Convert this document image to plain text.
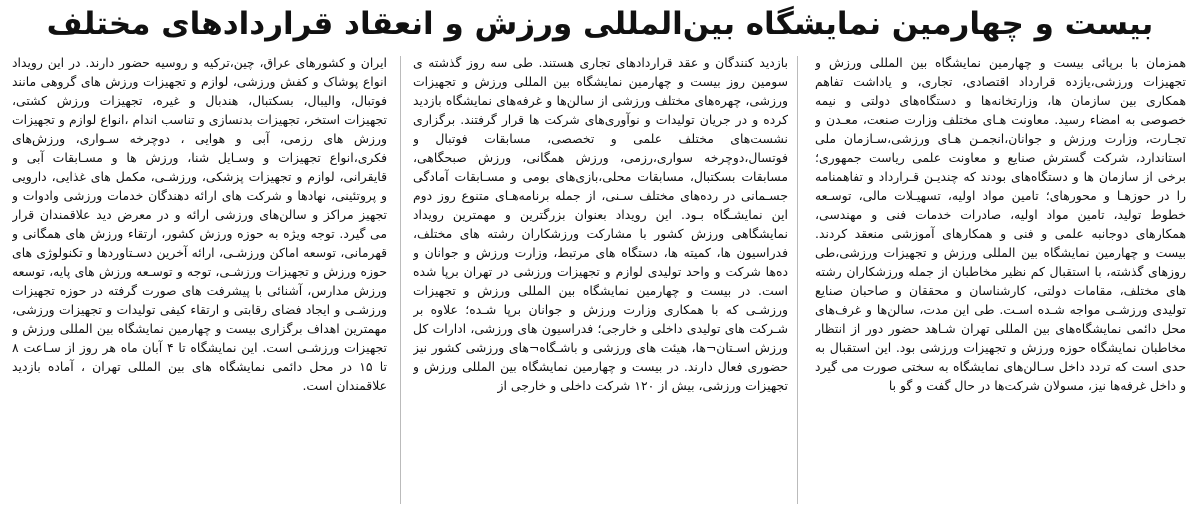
بیست و چهارمین نمایشگاه بین‌المللی ورزش و انعقاد قراردادهای مختلف
همزمان با برپائی بیست و چهارمین نمایشگاه بین المللی ورزش و تجهیزات ورزشی،یازده قرارداد اقتصادی، تجاری، و یاداشت تفاهم همکاری بین سازمان ها، وزارتخانه‌ها و دستگاه‌های دولتی و نیمه خصوصی به امضاء رسید. معاونت هـای مختلف وزارت صنعت، معـدن و تجـارت، وزارت ورزش و جوانان،انجمـن هـای ورزشی،سـازمان ملی استاندارد، شرکت گسترش صنایع و معاونت علمی ریاست جمهوری؛ برخی از سازمان ها و دستگاه‌های بودند که چندیـن قـرارداد و تفاهمنامه را در حوزهـا و محورهای؛ تامین مواد اولیه، تسهیـلات مالی، توسـعه خطوط تولید، تامین مواد اولیه، صادرات خدمات فنی و مهندسی، همکارهای دوجانبه علمی و فنی و همکارهای آموزشی منعقد کردند. بیست و چهارمین نمایشگاه بین المللی ورزش و تجهیزات ورزشی،طی روزهای گذشته، با استقبال کم نظیر مخاطبان از جمله ورزشکاران رشته های مختلف، مقامات دولتی، کارشناسان و محققان و صاحبان صنایع تولیدی ورزشـی مواجه شـده اسـت. طی این مدت، سالن‌ها و غرف‌های محل دائمی نمایشگاه‌های بین المللی تهران شـاهد حضور دور از انتظار مخاطبان نمایشگاه حوزه ورزش و تجهیزات ورزشی بود. این استقبال به حدی است که تردد داخل سـالن‌های نمایشگاه به سختی صورت می گیرد و داخل غرفه‌ها نیز، مسولان شرکت‌ها در حال گفت و گو با
بازدید کنندگان و عقد قراردادهای تجاری هستند. طی سه روز گذشته ی سومین روز بیست و چهارمین نمایشگاه بین المللی ورزش و تجهیزات ورزشی، چهره‌های مختلف ورزشی از سالن‌ها و غرفه‌های نمایشگاه بازدید کرده و در جریان تولیدات و نوآوری‌های شرکت ها قرار گرفتند. برگزاری نشست‌های مختلف علمی و تخصصی، مسابقات فوتبال و فوتسال،دوچرخه سواری،رزمی، ورزش همگانی، ورزش صبحگاهی، مسابقات بسکتبال، مسابقات محلی،بازی‌های بومی و مسـابقات آمادگی جسـمانی در رده‌های مختلف سـنی، از جمله برنامه‌هـای متنوع روز دوم این نمایشـگاه بـود. این رویداد بعنوان بزرگترین و مهمترین رویداد نمایشگاهی ورزش کشور با مشارکت ورزشکاران رشته های مختلف، فدراسیون ها، کمیته ها، دستگاه های مرتبط، وزارت ورزش و جوانان و ده‌ها شرکت و واحد تولیدی لوازم و تجهیزات ورزشی در تهران برپا شده است. در بیست و چهارمین نمایشگاه بین المللی ورزش و تجهیزات ورزشـی که با همکاری وزارت ورزش و جوانان برپا شـده؛ علاوه بر شـرکت های تولیدی داخلی و خارجی؛ فدراسیون های ورزشی، ادارات کل ورزش اسـتان¬ها، هیئت های ورزشی و باشـگاه¬های ورزشی کشور نیز حضوری فعال دارند. در بیست و چهارمین نمایشگاه بین المللی ورزش و تجهیزات ورزشی، بیش از ۱۲۰ شرکت داخلی و خارجی از
ایران و کشورهای عراق، چین،ترکیه و روسیه حضور دارند. در این رویداد انواع پوشاک و کفش ورزشی، لوازم و تجهیزات ورزش های گروهی مانند فوتبال، والیبال، بسکتبال، هندبال و غیره، تجهیزات ورزش کشتی، تجهیزات استخر، تجهیزات بدنسازی و تناسب اندام ،انواع لوازم و تجهیزات ورزش های رزمی، آبی و هوایی ، دوچرخه سـواری، ورزش‌های فکری،انواع تجهیزات و وسـایل شنا، ورزش ها و مسـابقات آبی و قایقرانی، لوازم و تجهیزات پزشکی، ورزشـی، مکمل های غذایی، دارویی و پروتئینی، نهادها و شرکت های ارائه دهندگان خدمات ورزشی وادوات و تجهیز مراکز و سالن‌های ورزشی ارائه و در معرض دید علاقمندان قرار می گیرد. توجه ویژه به حوزه ورزش کشور، ارتقاء ورزش های همگانی و قهرمانی، توسعه اماکن ورزشـی، ارائه آخرین دسـتاوردها و تکنولوژی های حوزه ورزش و تجهیزات ورزشـی، توجه و توسـعه ورزش های پایه، توسعه ورزش مدارس، آشنائی با پیشرفت های صورت گرفته در حوزه تجهیزات ورزشـی و ایجاد فضای رقابتی و ارتقاء کیفی تولیدات و تجهیزات ورزشی، مهمترین اهداف برگزاری بیست و چهارمین نمایشگاه بین المللی ورزش و تجهیزات ورزشـی است. این نمایشگاه تا ۴ آبان ماه هر روز از سـاعت ۸ تا ۱۵ در محل دائمی نمایشگاه های بین المللی تهران ، آماده بازدید علاقمندان است.
